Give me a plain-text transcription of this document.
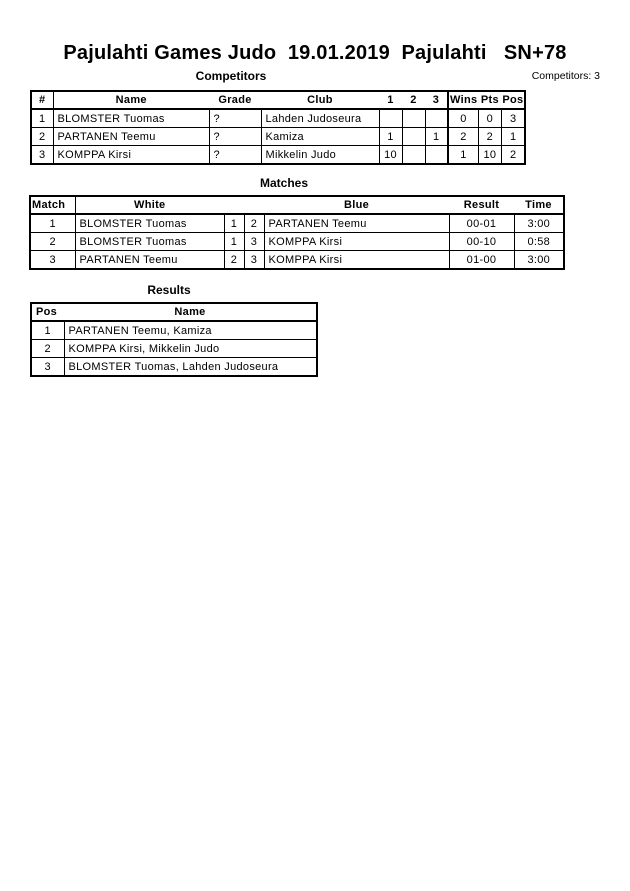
Pajulahti Games Judo  19.01.2019  Pajulahti   SN+78
Competitors	Competitors: 3
#	Name	Grade	Club	1	2	3	Wins	Pts	Pos
1	BLOMSTER Tuomas	?	Lahden Judoseura				0	0	3
2	PARTANEN Teemu	?	Kamiza	1		1	2	2	1
3	KOMPPA Kirsi	?	Mikkelin Judo	10			1	10	2
Matches
Match	White			Blue	Result	Time
1	BLOMSTER Tuomas	1	2	PARTANEN Teemu	00-01	3:00
2	BLOMSTER Tuomas	1	3	KOMPPA Kirsi	00-10	0:58
3	PARTANEN Teemu	2	3	KOMPPA Kirsi	01-00	3:00
Results
Pos	Name
1	PARTANEN Teemu, Kamiza
2	KOMPPA Kirsi, Mikkelin Judo
3	BLOMSTER Tuomas, Lahden Judoseura
